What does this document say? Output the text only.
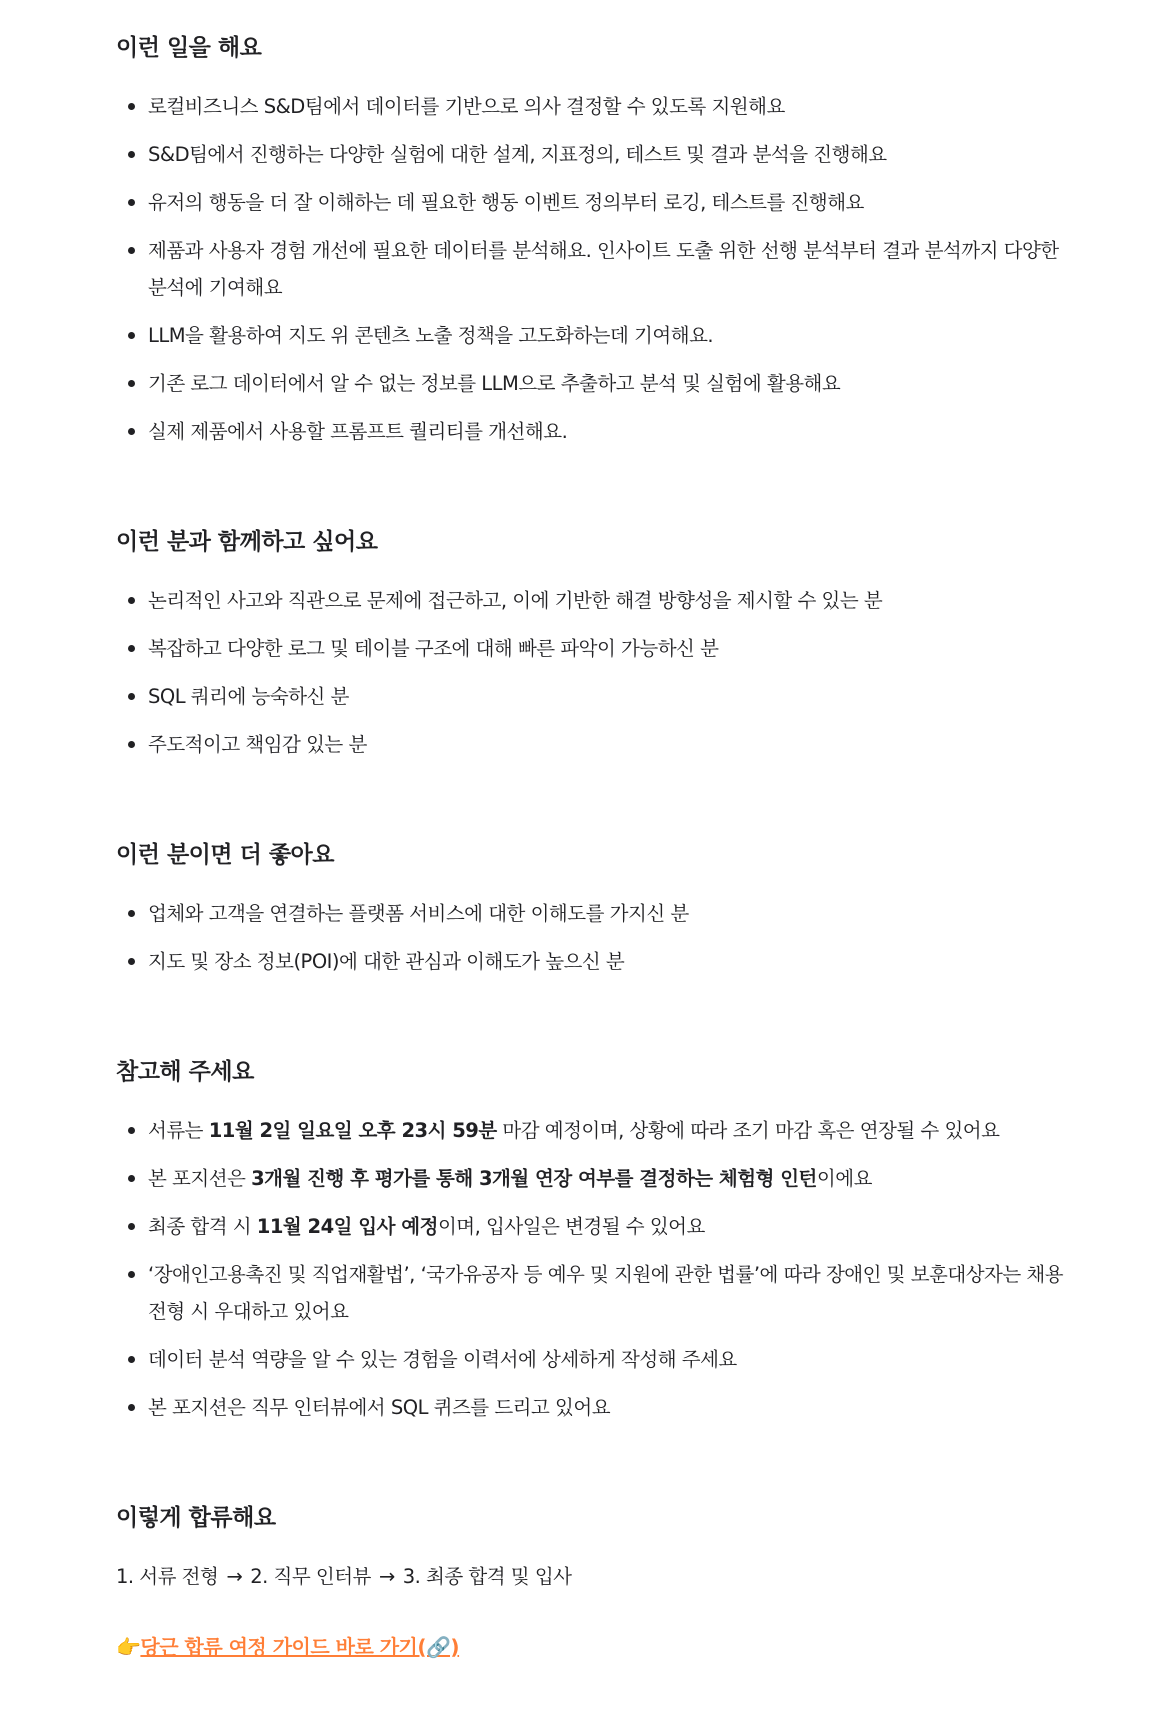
이런 일을 해요
로컬비즈니스 S&D팀에서 데이터를 기반으로 의사 결정할 수 있도록 지원해요
S&D팀에서 진행하는 다양한 실험에 대한 설계, 지표정의, 테스트 및 결과 분석을 진행해요
유저의 행동을 더 잘 이해하는 데 필요한 행동 이벤트 정의부터 로깅, 테스트를 진행해요
제품과 사용자 경험 개선에 필요한 데이터를 분석해요. 인사이트 도출 위한 선행 분석부터 결과 분석까지 다양한 분석에 기여해요
LLM을 활용하여 지도 위 콘텐츠 노출 정책을 고도화하는데 기여해요.
기존 로그 데이터에서 알 수 없는 정보를 LLM으로 추출하고 분석 및 실험에 활용해요
실제 제품에서 사용할 프롬프트 퀄리티를 개선해요.
이런 분과 함께하고 싶어요
논리적인 사고와 직관으로 문제에 접근하고, 이에 기반한 해결 방향성을 제시할 수 있는 분
복잡하고 다양한 로그 및 테이블 구조에 대해 빠른 파악이 가능하신 분
SQL 쿼리에 능숙하신 분
주도적이고 책임감 있는 분
이런 분이면 더 좋아요
업체와 고객을 연결하는 플랫폼 서비스에 대한 이해도를 가지신 분
지도 및 장소 정보(POI)에 대한 관심과 이해도가 높으신 분
참고해 주세요
서류는 11월 2일 일요일 오후 23시 59분 마감 예정이며, 상황에 따라 조기 마감 혹은 연장될 수 있어요
본 포지션은 3개월 진행 후 평가를 통해 3개월 연장 여부를 결정하는 체험형 인턴이에요
최종 합격 시 11월 24일 입사 예정이며, 입사일은 변경될 수 있어요
‘장애인고용촉진 및 직업재활법’, ‘국가유공자 등 예우 및 지원에 관한 법률’에 따라 장애인 및 보훈대상자는 채용 전형 시 우대하고 있어요
데이터 분석 역량을 알 수 있는 경험을 이력서에 상세하게 작성해 주세요
본 포지션은 직무 인터뷰에서 SQL 퀴즈를 드리고 있어요
이렇게 합류해요

1. 서류 전형 → 2. 직무 인터뷰 → 3. 최종 합격 및 입사

👉당근 합류 여정 가이드 바로 가기(🔗)
